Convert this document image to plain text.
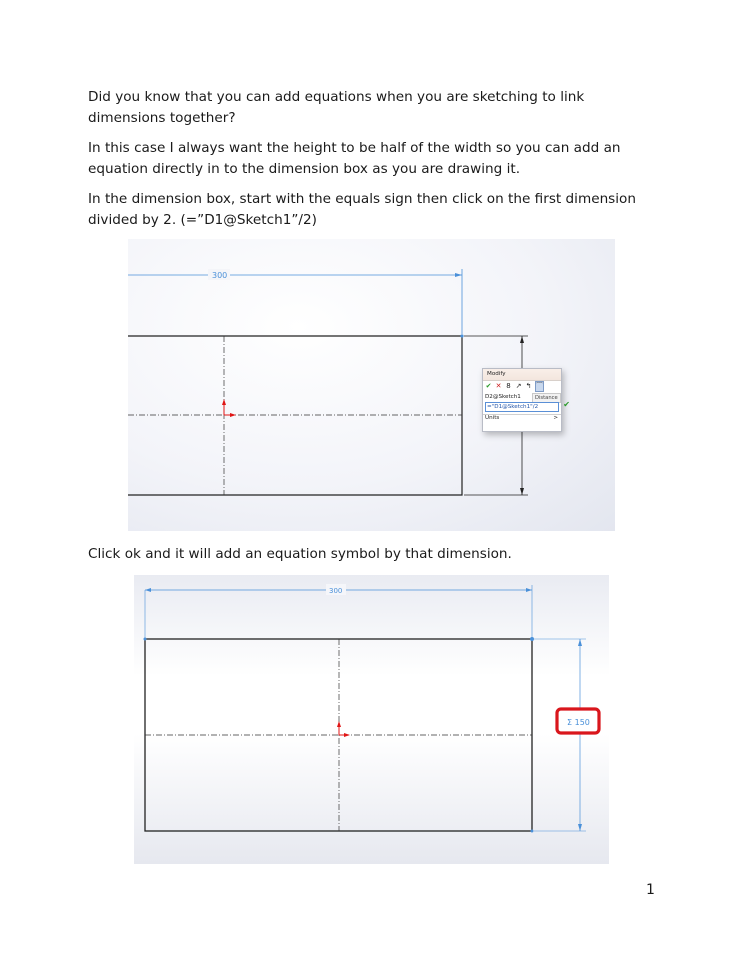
Did you know that you can add equations when you are sketching to link dimensions together?

In this case I always want the height to be half of the width so you can add an equation directly in to the dimension box as you are drawing it.

In the dimension box, start with the equals sign then click on the first dimension divided by 2. (=”D1@Sketch1”/2)

300
Modify
✔ ✕ 8 ↗ ↰ ⌒
D2@Sketch1	Distance
="D1@Sketch1"/2	✔
Units	>

Click ok and it will add an equation symbol by that dimension.

300
Σ 150
1
